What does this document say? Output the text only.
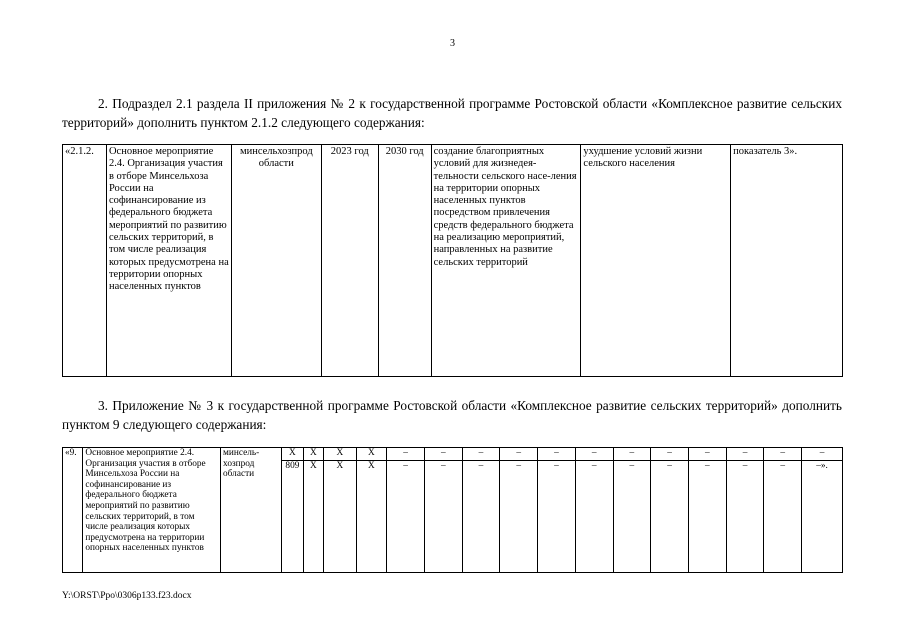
3
2. Подраздел 2.1 раздела II приложения № 2 к государственной программе Ростовской области «Комплексное развитие сельских территорий» дополнить пунктом 2.1.2 следующего содержания:
«2.1.2.	Основное мероприятие 2.4. Организация участия в отборе Минсельхоза России на софинансирование из федерального бюджета мероприятий по развитию сельских территорий, в том числе реализация которых предусмотрена на территории опорных населенных пунктов	минсельхозпрод области	2023 год	2030 год	создание благоприятных условий для жизнедея-тельности сельского насе-ления на территории опорных населенных пунктов посредством привлечения средств федерального бюджета на реализацию мероприятий, направленных на развитие сельских территорий	ухудшение условий жизни сельского населения	показатель 3».
3. Приложение № 3 к государственной программе Ростовской области «Комплексное развитие сельских территорий» дополнить пунктом 9 следующего содержания:
«9.	Основное мероприятие 2.4. Организация участия в отборе Минсельхоза России на софинансирование из федерального бюджета мероприятий по развитию сельских территорий, в том числе реализация которых предусмотрена на территории опорных населенных пунктов	минсель-хозпрод области	Х	Х	Х	Х	–	–	–	–	–	–	–	–	–	–	–	–
			809	Х	Х	Х	–	–	–	–	–	–	–	–	–	–	–	–».
Y:\ORST\Ppo\0306p133.f23.docx
